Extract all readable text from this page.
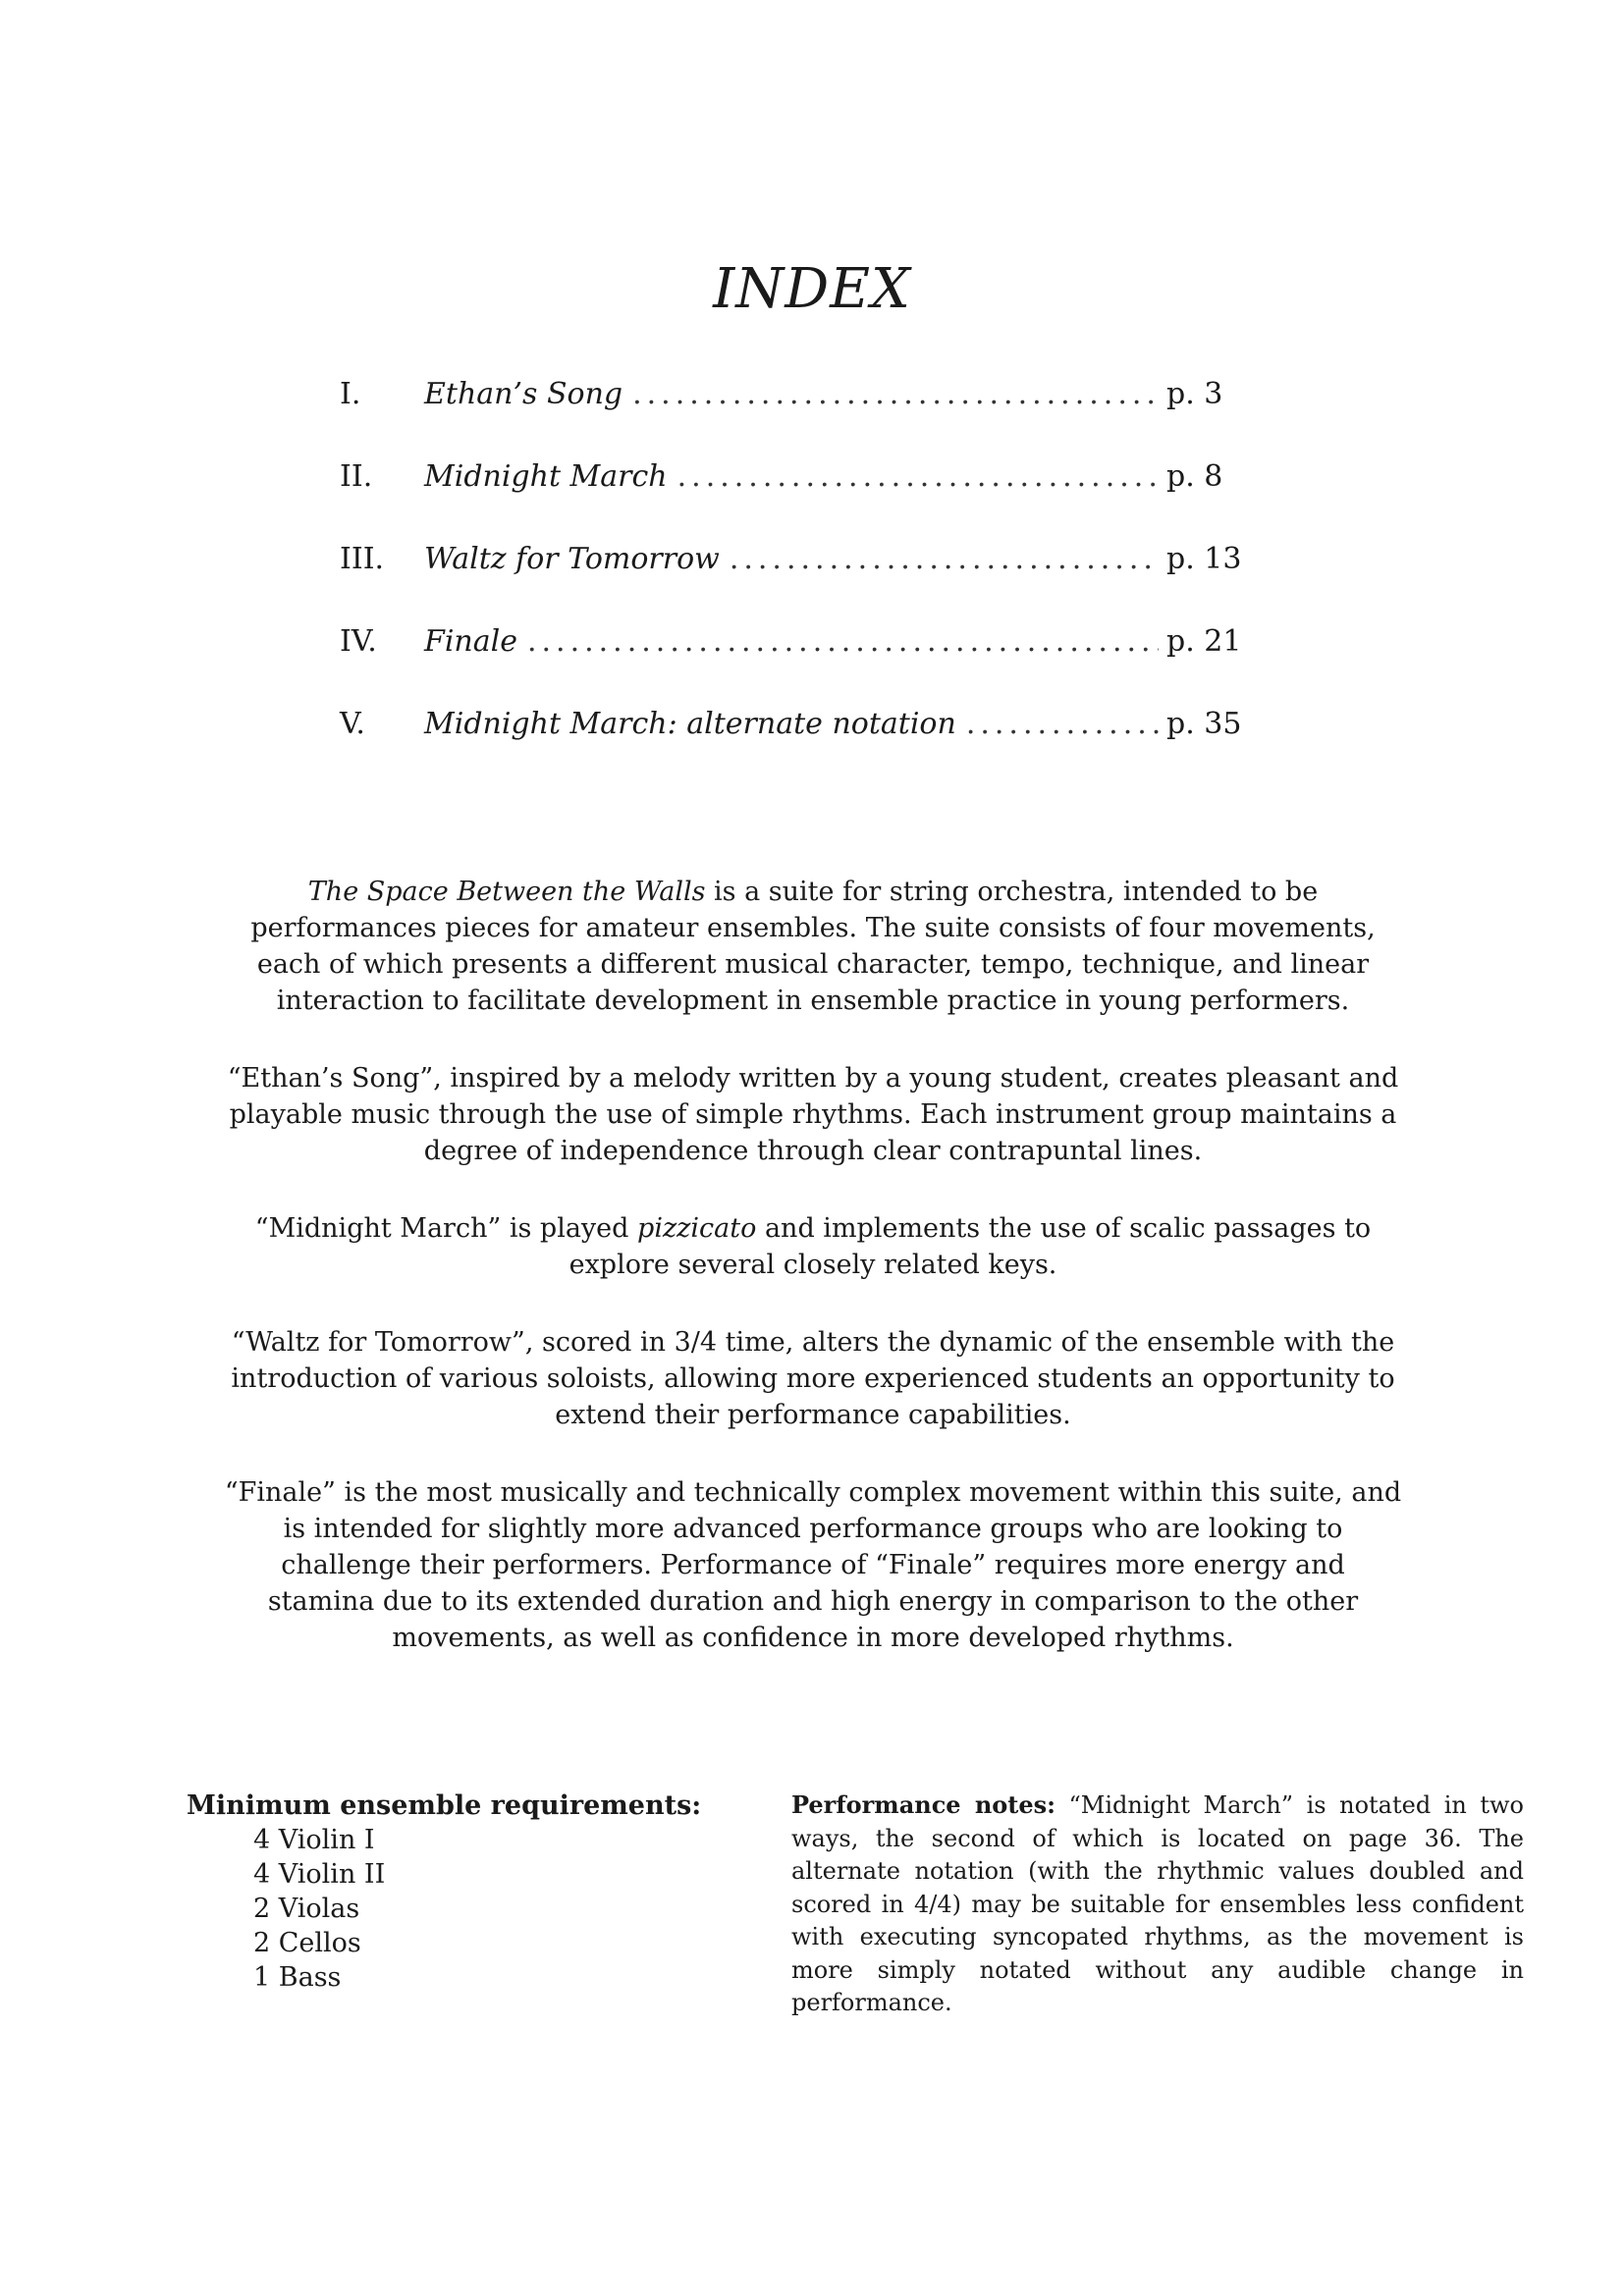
INDEX
I.	Ethan’s Song .....	p. 3
II.	Midnight March .....	p. 8
III.	Waltz for Tomorrow .....	p. 13
IV.	Finale .....	p. 21
V.	Midnight March: alternate notation .....	p. 35

The Space Between the Walls is a suite for string orchestra, intended to be performances pieces for amateur ensembles. The suite consists of four movements, each of which presents a different musical character, tempo, technique, and linear interaction to facilitate development in ensemble practice in young performers.

“Ethan’s Song”, inspired by a melody written by a young student, creates pleasant and playable music through the use of simple rhythms. Each instrument group maintains a degree of independence through clear contrapuntal lines.

“Midnight March” is played pizzicato and implements the use of scalic passages to explore several closely related keys.

“Waltz for Tomorrow”, scored in 3/4 time, alters the dynamic of the ensemble with the introduction of various soloists, allowing more experienced students an opportunity to extend their performance capabilities.

“Finale” is the most musically and technically complex movement within this suite, and is intended for slightly more advanced performance groups who are looking to challenge their performers. Performance of “Finale” requires more energy and stamina due to its extended duration and high energy in comparison to the other movements, as well as confidence in more developed rhythms.

Minimum ensemble requirements:
4 Violin I
4 Violin II
2 Violas
2 Cellos
1 Bass
Performance notes: “Midnight March” is notated in two ways, the second of which is located on page 36. The alternate notation (with the rhythmic values doubled and scored in 4/4) may be suitable for ensembles less confident with executing syncopated rhythms, as the movement is more simply notated without any audible change in performance.
